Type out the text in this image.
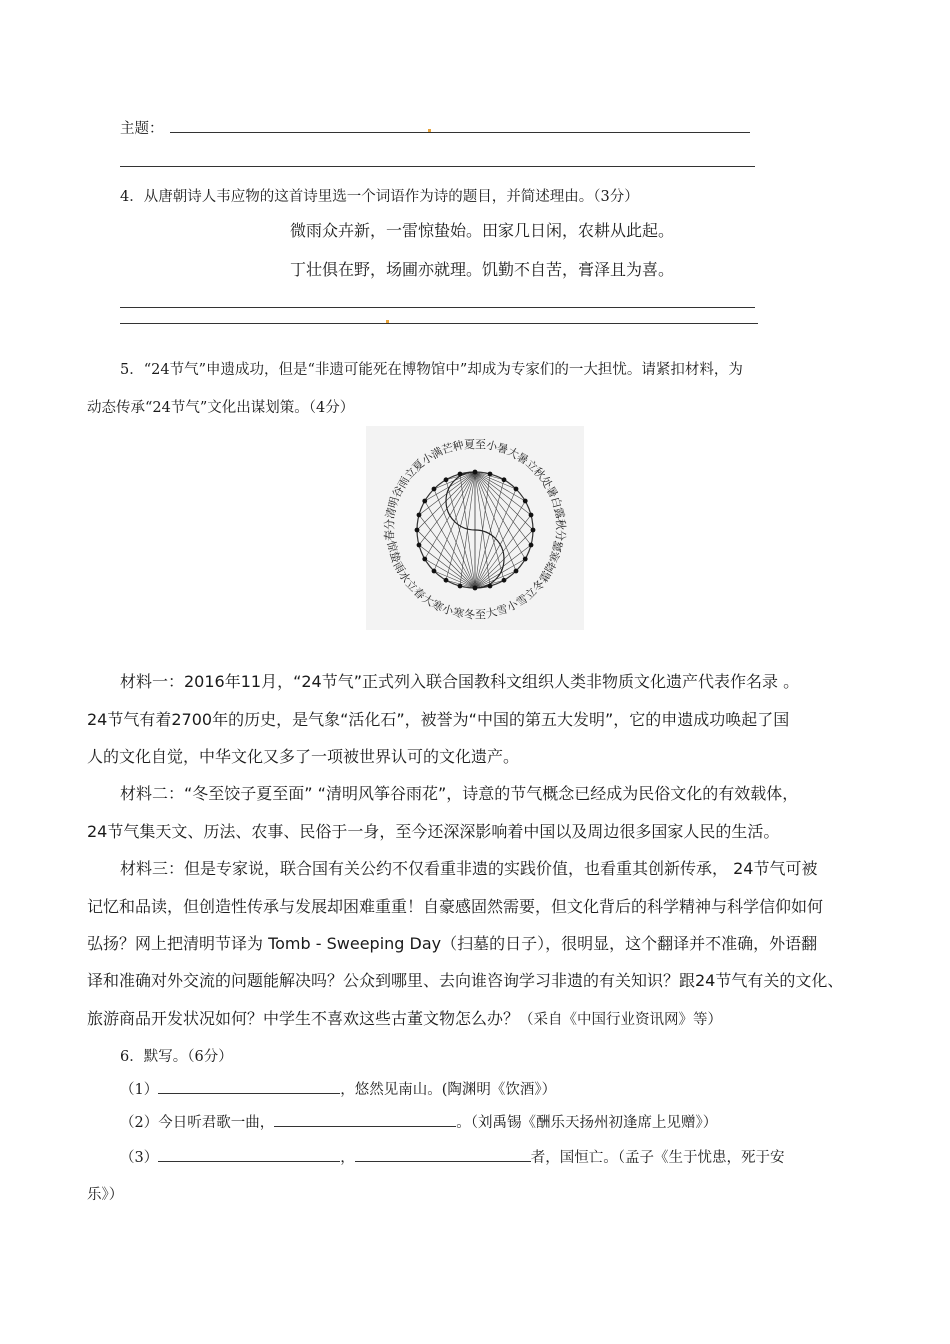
主题：
4．从唐朝诗人韦应物的这首诗里选一个词语作为诗的题目，并简述理由。（3分）
微雨众卉新，一雷惊蛰始。田家几日闲，农耕从此起。
丁壮俱在野，场圃亦就理。饥勤不自苦，膏泽且为喜。
5．“24节气”申遗成功，但是“非遗可能死在博物馆中”却成为专家们的一大担忧。请紧扣材料，为
动态传承“24节气”文化出谋划策。（4分）
夏至
小暑
大暑
立秋
处暑
白露
秋分
寒露
霜降
立冬
小雪
大雪
冬至
小寒
大寒
立春
雨水
惊蛰
春分
清明
谷雨
立夏
小满
芒种
材料一：2016年11月，“24节气”正式列入联合国教科文组织人类非物质文化遗产代表作名录 。
24节气有着2700年的历史，是气象“活化石”，被誉为“中国的第五大发明”，它的申遗成功唤起了国
人的文化自觉，中华文化又多了一项被世界认可的文化遗产。
材料二：“冬至饺子夏至面” “清明风筝谷雨花”，诗意的节气概念已经成为民俗文化的有效载体，
24节气集天文、历法、农事、民俗于一身，至今还深深影响着中国以及周边很多国家人民的生活。
材料三：但是专家说，联合国有关公约不仅看重非遗的实践价值，也看重其创新传承， 24节气可被
记忆和品读，但创造性传承与发展却困难重重！自豪感固然需要，但文化背后的科学精神与科学信仰如何
弘扬？网上把清明节译为 Tomb - Sweeping Day（扫墓的日子），很明显，这个翻译并不准确，外语翻
译和准确对外交流的问题能解决吗？公众到哪里、去向谁咨询学习非遗的有关知识？跟24节气有关的文化、
旅游商品开发状况如何？中学生不喜欢这些古董文物怎么办？（采自《中国行业资讯网》等）
6．默写。（6分）
（1）	，悠然见南山。(陶渊明《饮酒》）
（2）今日听君歌一曲，	。（刘禹锡《酬乐天扬州初逢席上见赠》）
（3）	，	者，国恒亡。（孟子《生于忧患，死于安
乐》）
